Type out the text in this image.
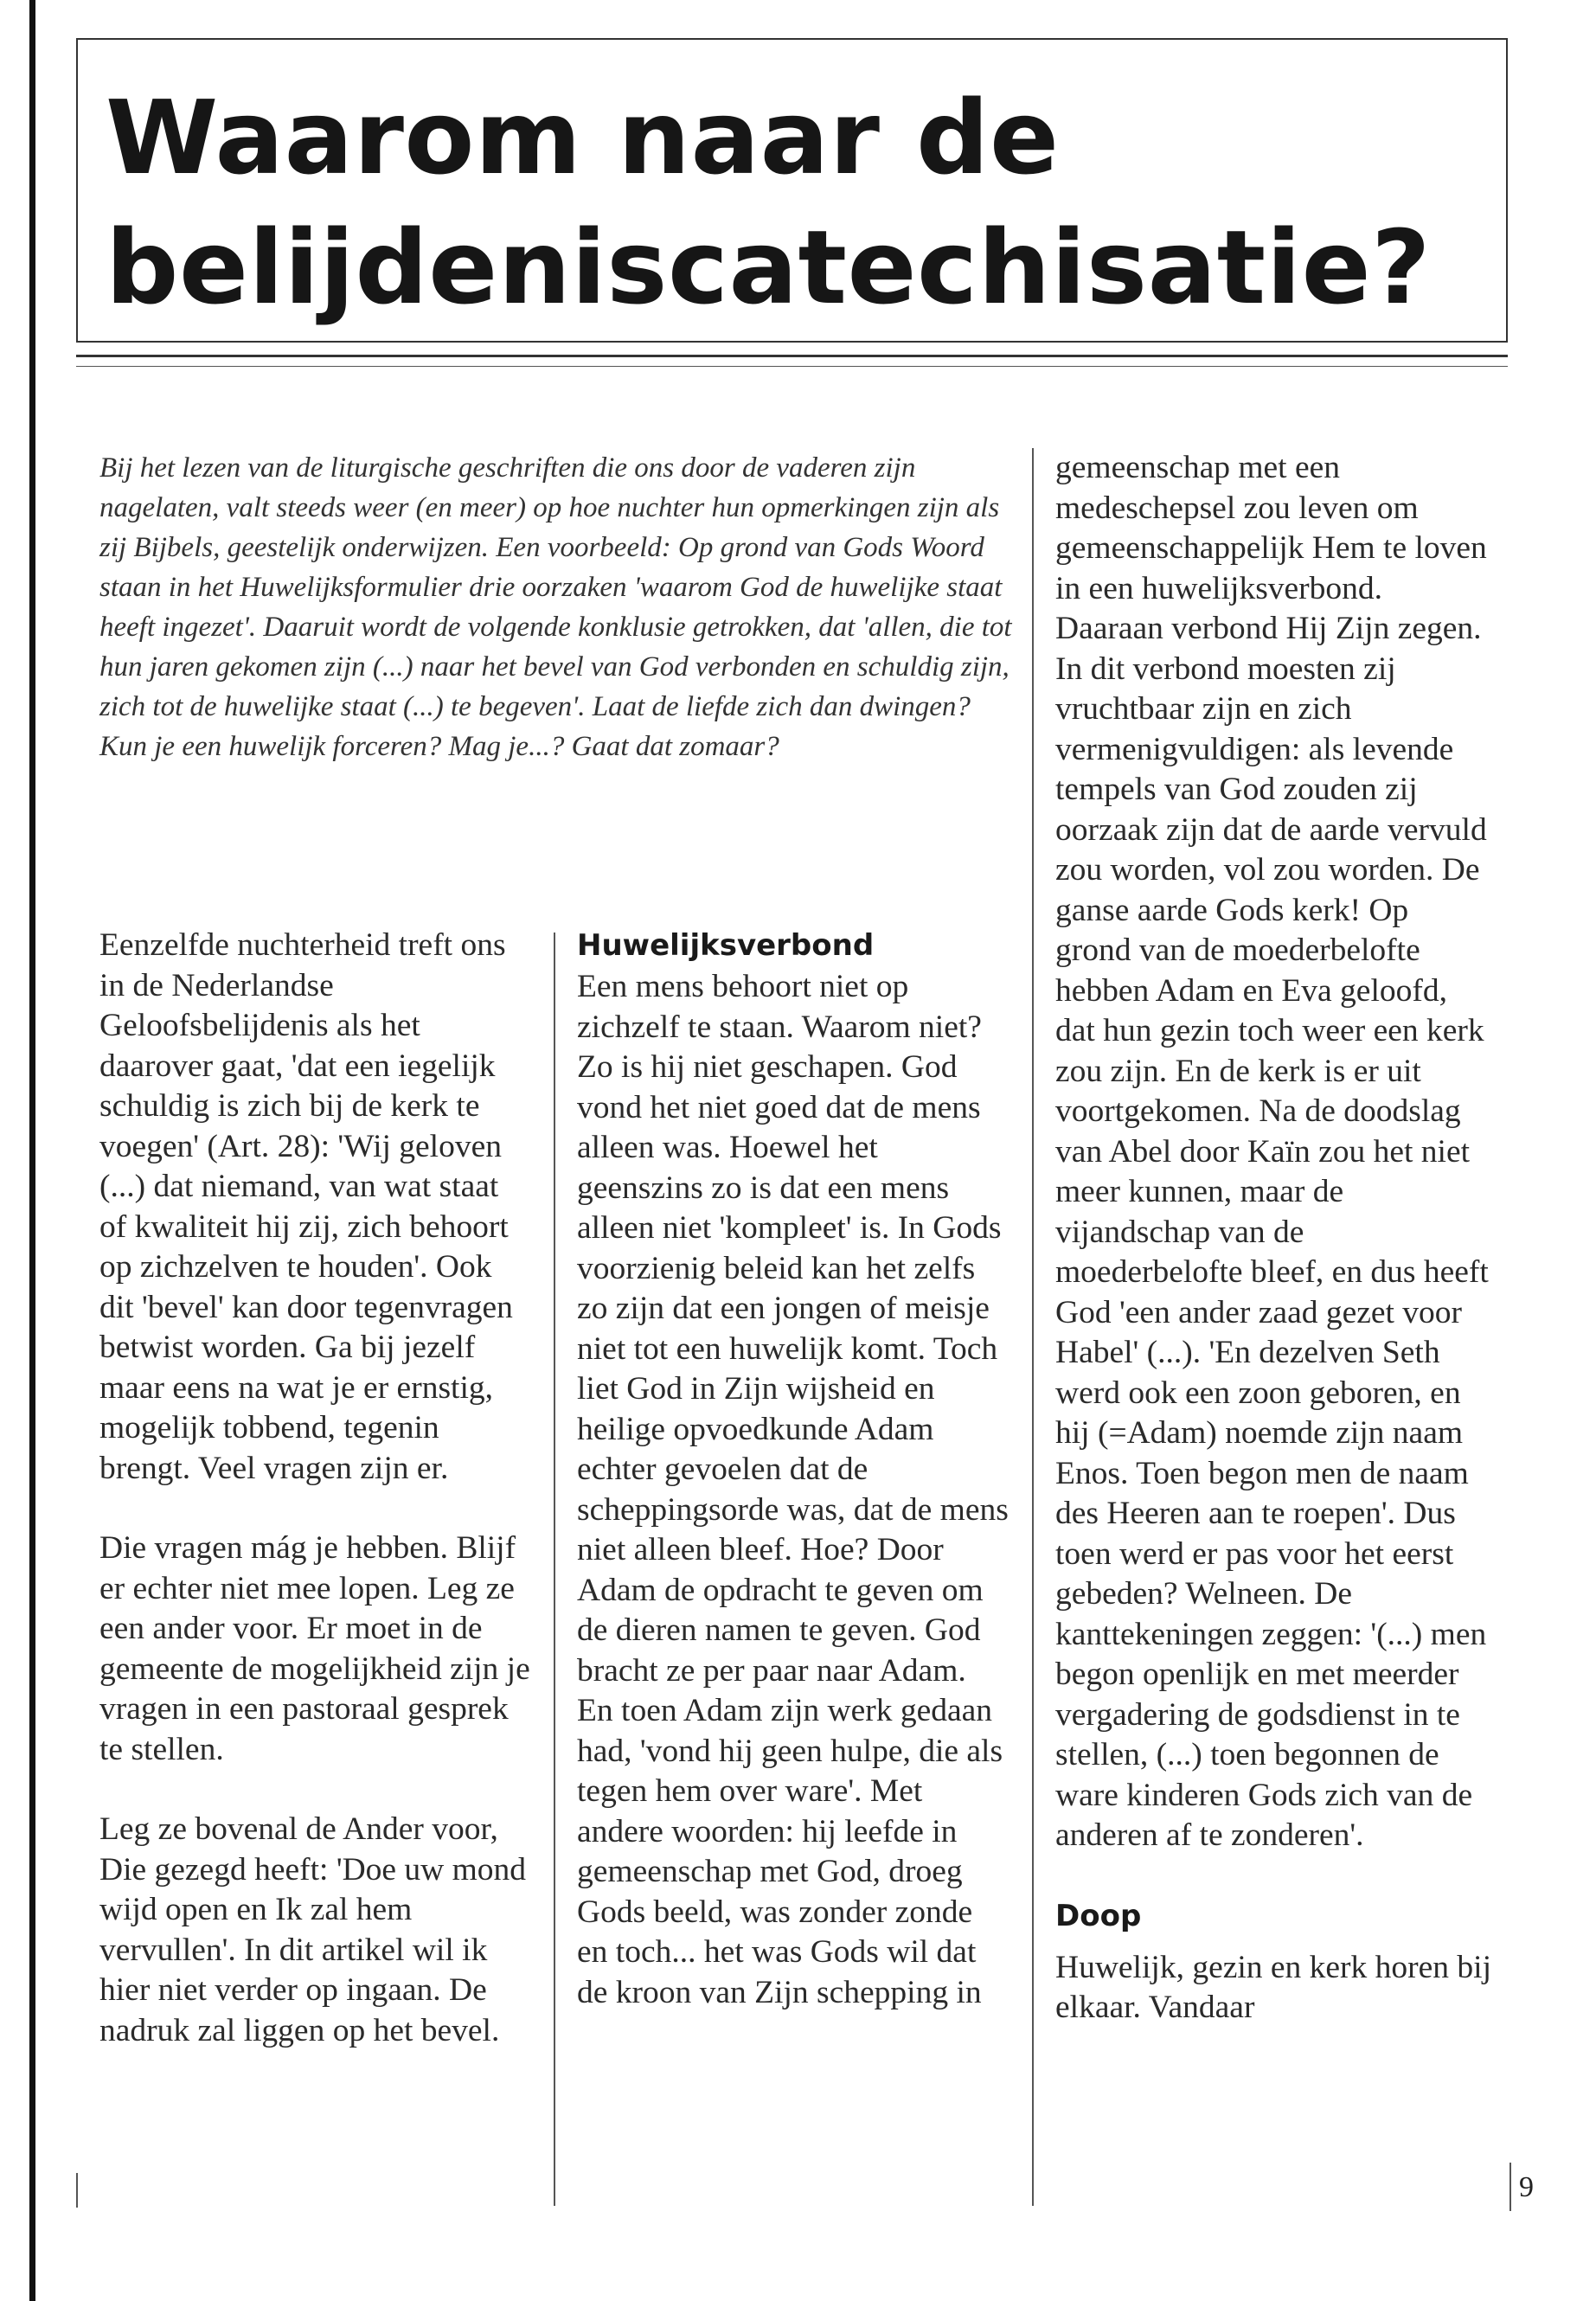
Waarom naar de belijdeniscatechisatie?

Bij het lezen van de liturgische geschriften die ons door de vaderen zijn nagelaten, valt steeds weer (en meer) op hoe nuchter hun opmerkingen zijn als zij Bijbels, geestelijk onderwijzen. Een voorbeeld: Op grond van Gods Woord staan in het Huwelijksformulier drie oorzaken 'waarom God de huwelijke staat heeft ingezet'. Daaruit wordt de volgende konklusie getrokken, dat 'allen, die tot hun jaren gekomen zijn (...) naar het bevel van God verbonden en schuldig zijn, zich tot de huwelijke staat (...) te begeven'. Laat de liefde zich dan dwingen? Kun je een huwelijk forceren? Mag je...? Gaat dat zomaar?

Eenzelfde nuchterheid treft ons in de Nederlandse Geloofsbelijdenis als het daarover gaat, 'dat een iegelijk schuldig is zich bij de kerk te voegen' (Art. 28): 'Wij geloven (...) dat niemand, van wat staat of kwaliteit hij zij, zich behoort op zichzelven te houden'. Ook dit 'bevel' kan door tegenvragen betwist worden. Ga bij jezelf maar eens na wat je er ernstig, mogelijk tobbend, tegenin brengt. Veel vragen zijn er.

Die vragen mág je hebben. Blijf er echter niet mee lopen. Leg ze een ander voor. Er moet in de gemeente de mogelijkheid zijn je vragen in een pastoraal gesprek te stellen.

Leg ze bovenal de Ander voor, Die gezegd heeft: 'Doe uw mond wijd open en Ik zal hem vervullen'. In dit artikel wil ik hier niet verder op ingaan. De nadruk zal liggen op het bevel.

Huwelijksverbond

Een mens behoort niet op zichzelf te staan. Waarom niet? Zo is hij niet geschapen. God vond het niet goed dat de mens alleen was. Hoewel het geenszins zo is dat een mens alleen niet 'kompleet' is. In Gods voorzienig beleid kan het zelfs zo zijn dat een jongen of meisje niet tot een huwelijk komt. Toch liet God in Zijn wijsheid en heilige opvoedkunde Adam echter gevoelen dat de scheppingsorde was, dat de mens niet alleen bleef. Hoe? Door Adam de opdracht te geven om de dieren namen te geven. God bracht ze per paar naar Adam.

En toen Adam zijn werk gedaan had, 'vond hij geen hulpe, die als tegen hem over ware'. Met andere woorden: hij leefde in gemeenschap met God, droeg Gods beeld, was zonder zonde en toch... het was Gods wil dat de kroon van Zijn schepping in

gemeenschap met een medeschepsel zou leven om gemeenschappelijk Hem te loven in een huwelijksverbond. Daaraan verbond Hij Zijn zegen. In dit verbond moesten zij vruchtbaar zijn en zich vermenigvuldigen: als levende tempels van God zouden zij oorzaak zijn dat de aarde vervuld zou worden, vol zou worden. De ganse aarde Gods kerk! Op grond van de moederbelofte hebben Adam en Eva geloofd, dat hun gezin toch weer een kerk zou zijn. En de kerk is er uit voortgekomen. Na de doodslag van Abel door Kaïn zou het niet meer kunnen, maar de vijandschap van de moederbelofte bleef, en dus heeft God 'een ander zaad gezet voor Habel' (...). 'En dezelven Seth werd ook een zoon geboren, en hij (=Adam) noemde zijn naam Enos. Toen begon men de naam des Heeren aan te roepen'. Dus toen werd er pas voor het eerst gebeden? Welneen. De kanttekeningen zeggen: '(...) men begon openlijk en met meerder vergadering de godsdienst in te stellen, (...) toen begonnen de ware kinderen Gods zich van de anderen af te zonderen'.

Doop

Huwelijk, gezin en kerk horen bij elkaar. Vandaar

9
